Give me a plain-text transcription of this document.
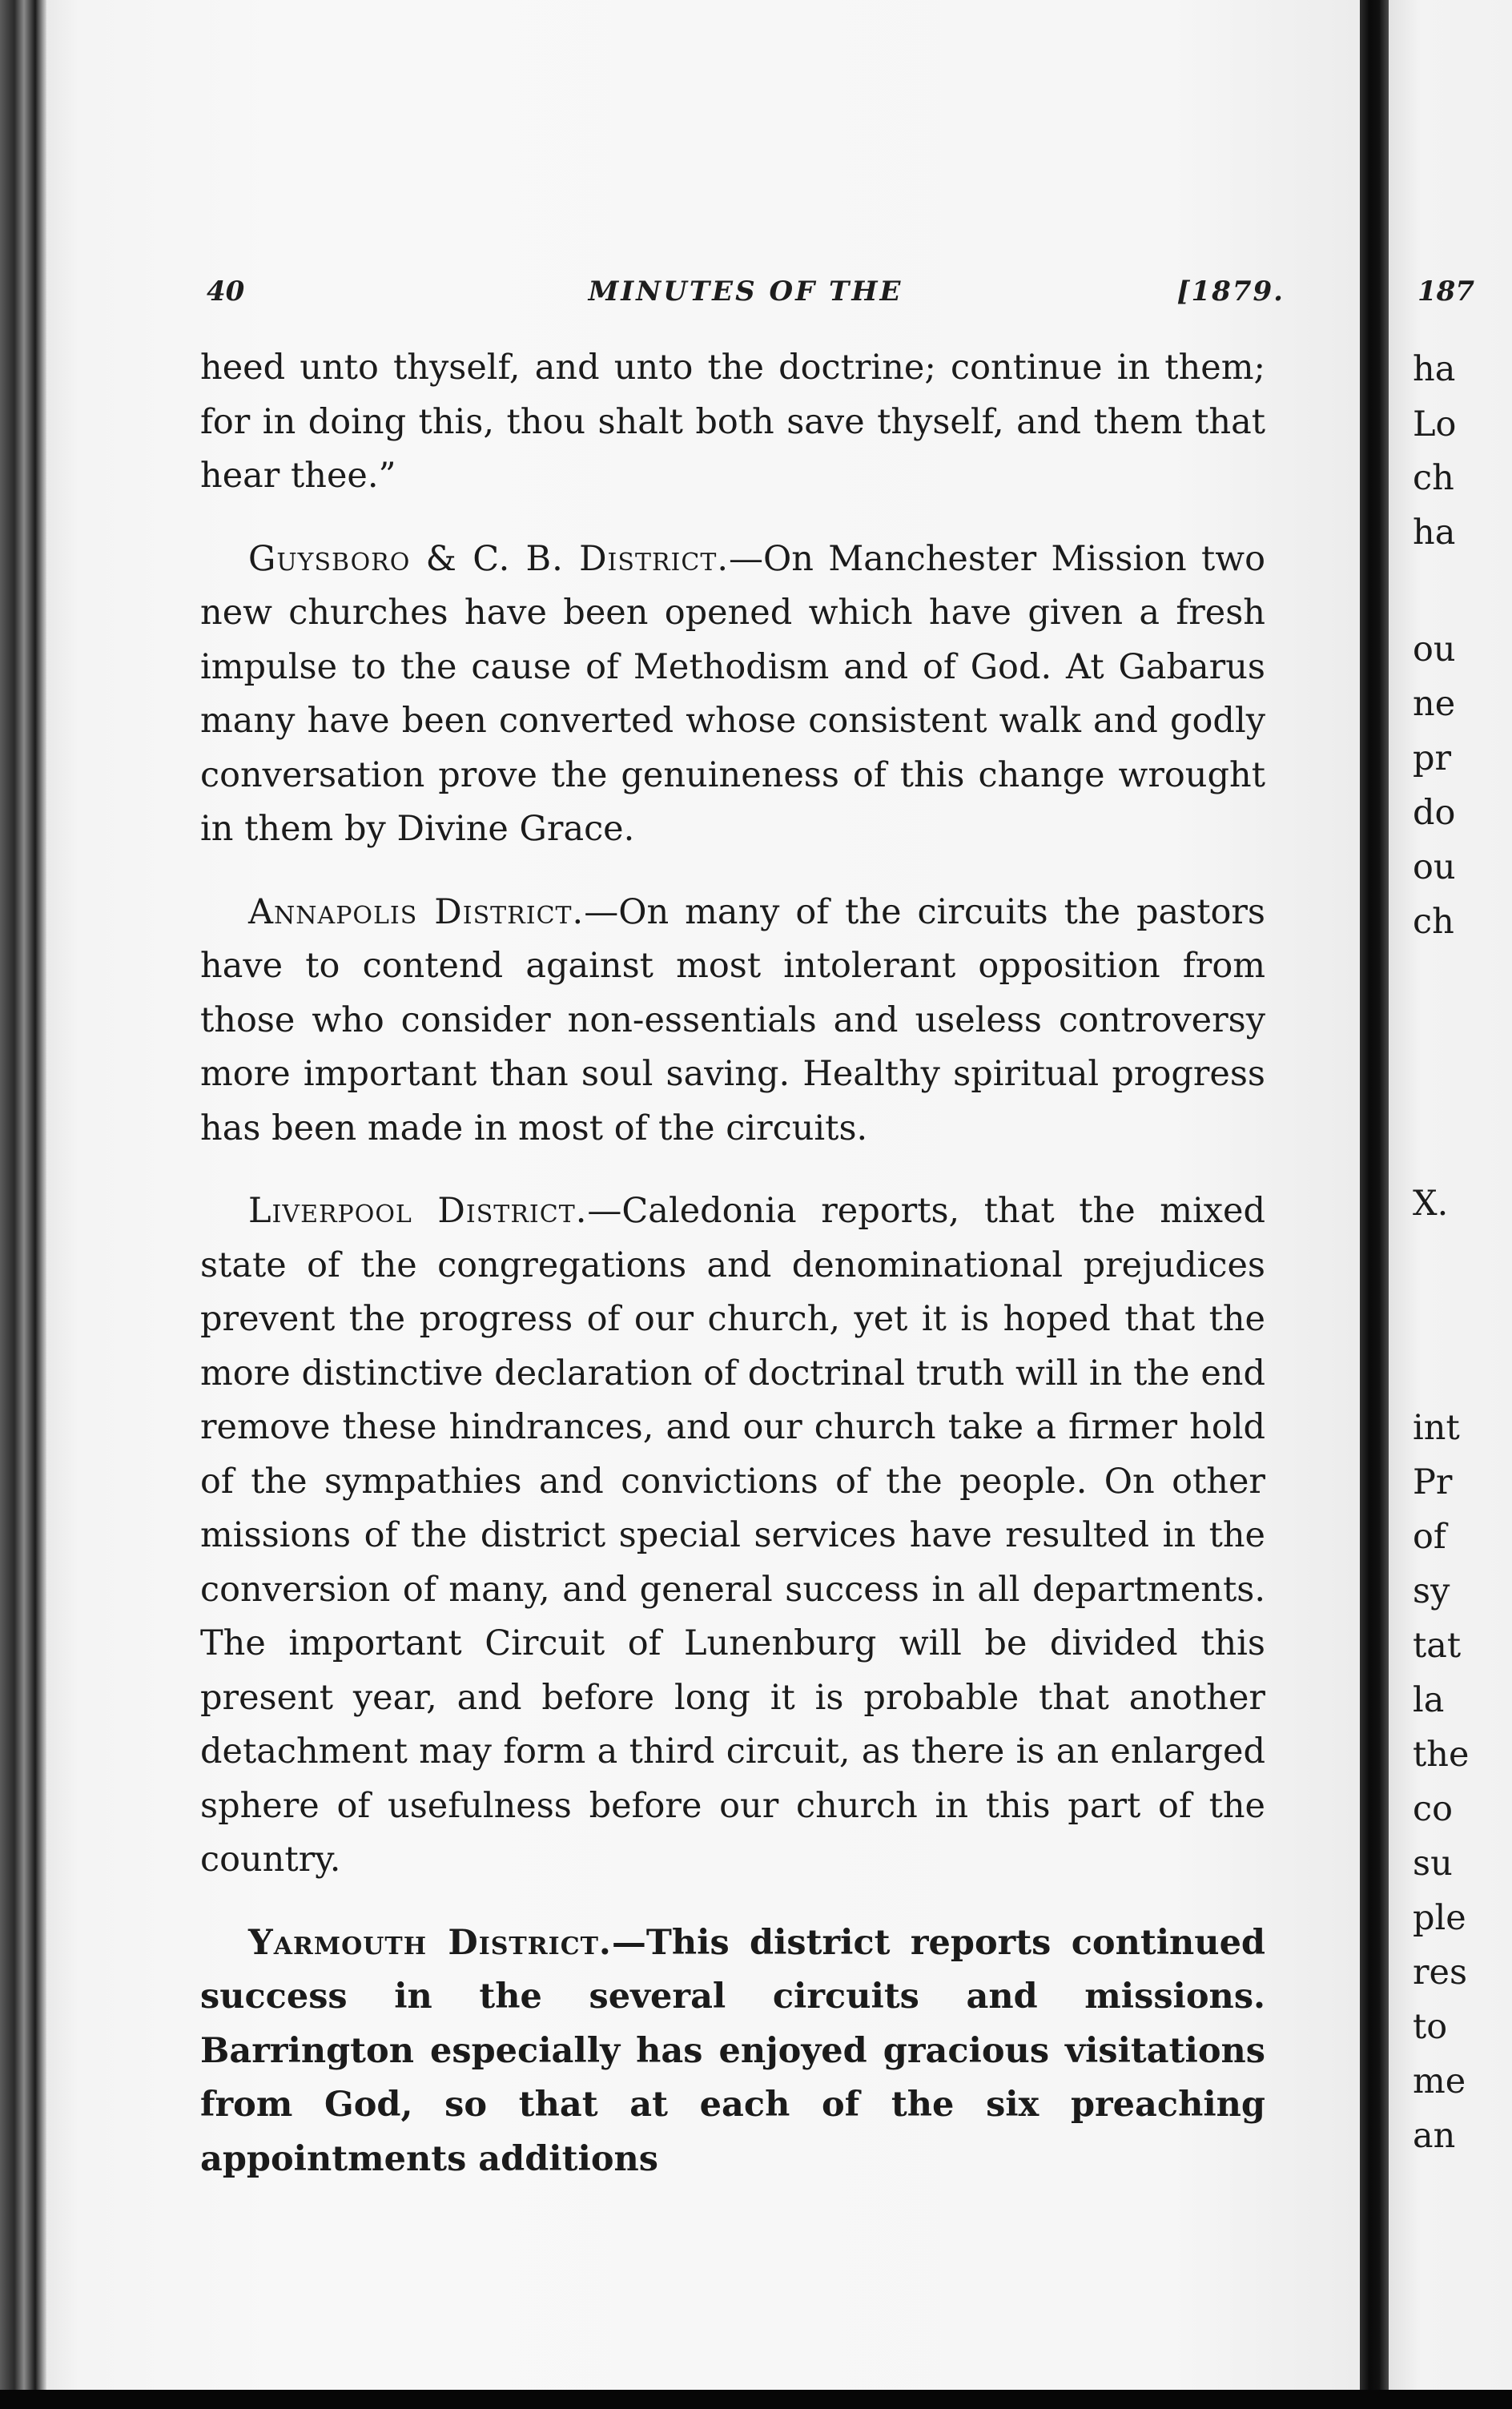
40	MINUTES OF THE	[1879.

heed unto thyself, and unto the doctrine; continue in them; for in doing this, thou shalt both save thyself, and them that hear thee.”

Guysboro & C. B. District.—On Manchester Mission two new churches have been opened which have given a fresh impulse to the cause of Methodism and of God. At Gabarus many have been converted whose consistent walk and godly conversation prove the genuineness of this change wrought in them by Divine Grace.

Annapolis District.—On many of the circuits the pastors have to contend against most intolerant opposition from those who consider non-essentials and useless controversy more important than soul saving. Healthy spiritual progress has been made in most of the circuits.

Liverpool District.—Caledonia reports, that the mixed state of the congregations and denominational prejudices prevent the progress of our church, yet it is hoped that the more distinctive declaration of doctrinal truth will in the end remove these hindrances, and our church take a firmer hold of the sympathies and convictions of the people. On other missions of the district special services have resulted in the conversion of many, and general success in all departments. The important Circuit of Lunenburg will be divided this present year, and before long it is probable that another detachment may form a third circuit, as there is an enlarged sphere of usefulness before our church in this part of the country.

Yarmouth District.—This district reports continued success in the several circuits and missions. Barrington especially has enjoyed gracious visitations from God, so that at each of the six preaching appointments additions

187
ha
Lo
ch
ha
ou
ne
pr
do
ou
ch
X.
int
Pr
of
sy
tat
la
the
co
su
ple
res
to
me
an
